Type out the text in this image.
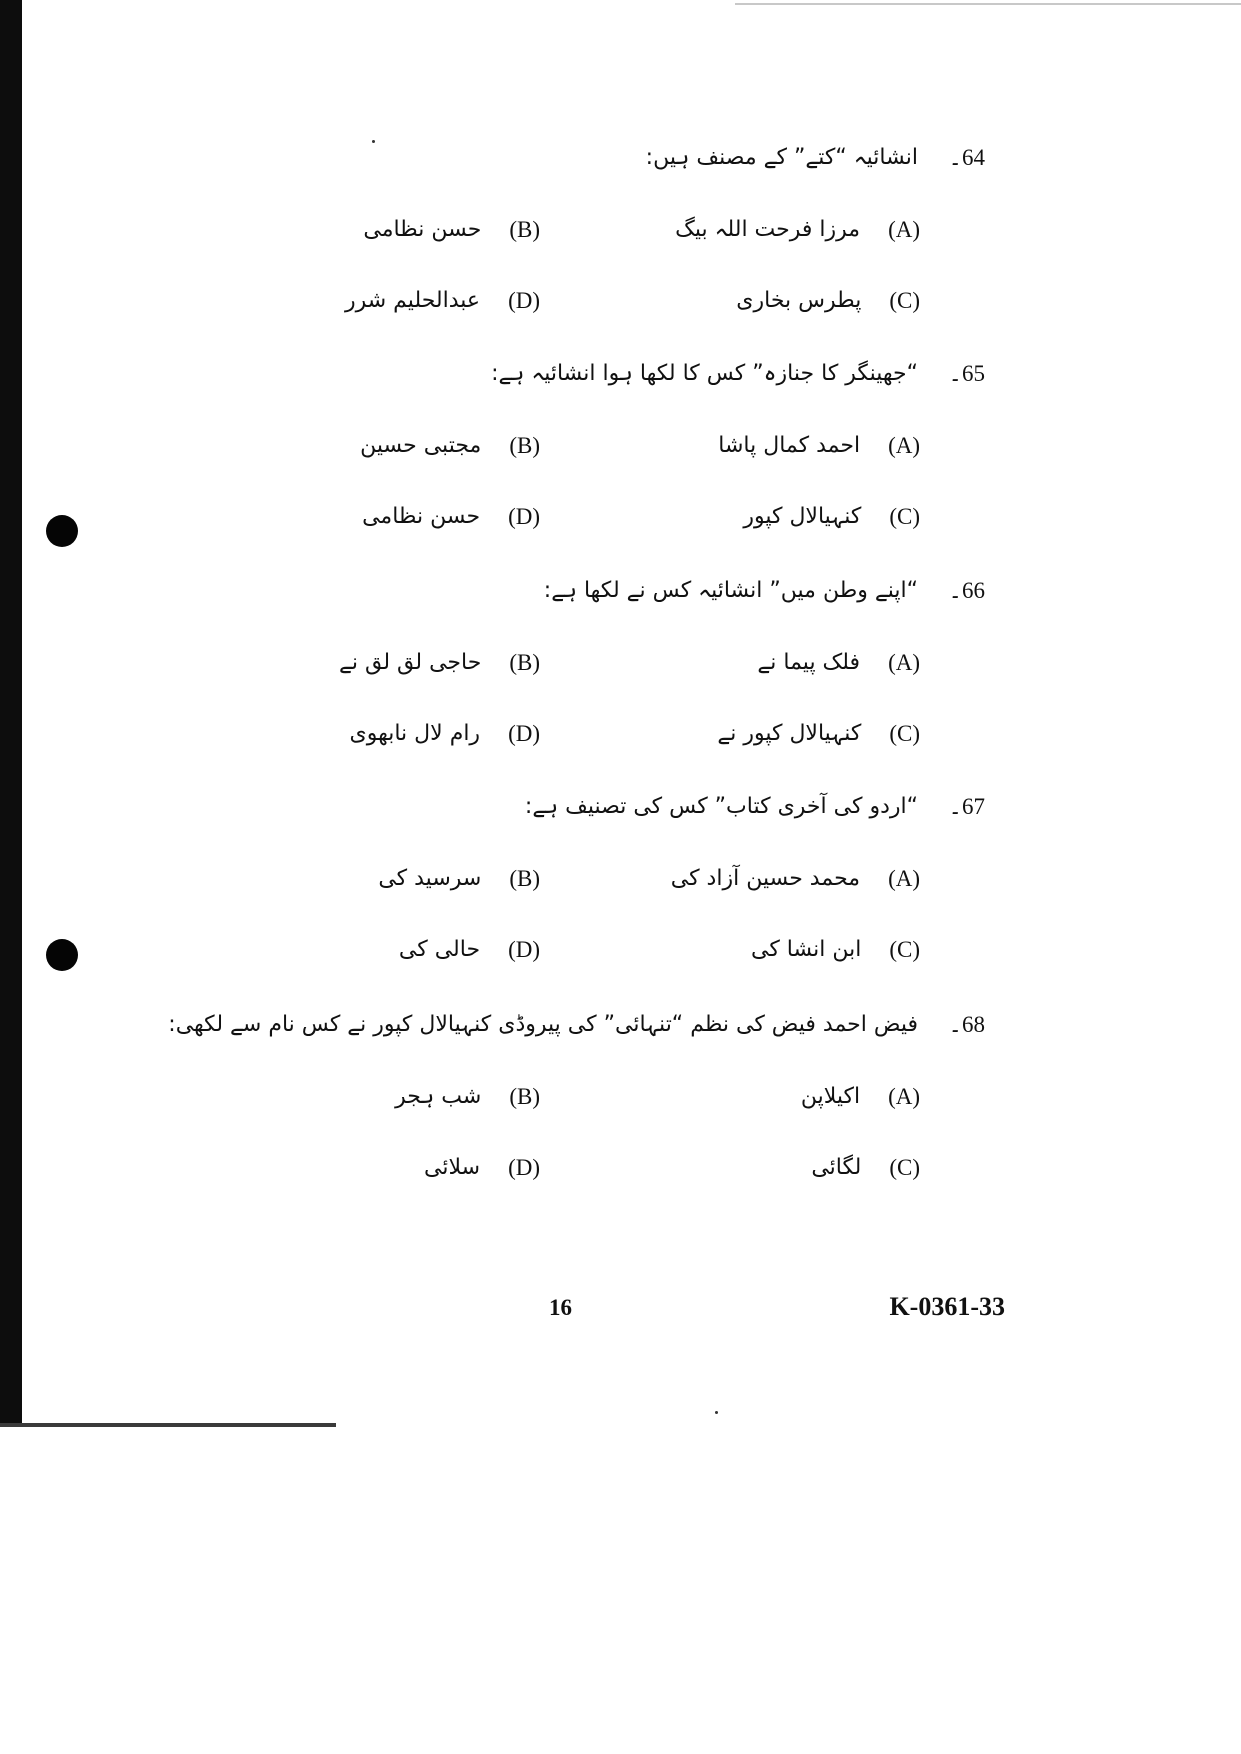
64۔
انشائیہ “کتے” کے مصنف ہیں:
(A)
مرزا فرحت اللہ بیگ
(B)
حسن نظامی
(C)
پطرس بخاری
(D)
عبدالحلیم شرر
65۔
“جھینگر کا جنازہ” کس کا لکھا ہوا انشائیہ ہے:
(A)
احمد کمال پاشا
(B)
مجتبی حسین
(C)
کنہیالال کپور
(D)
حسن نظامی
66۔
“اپنے وطن میں” انشائیہ کس نے لکھا ہے:
(A)
فلک پیما نے
(B)
حاجی لق لق نے
(C)
کنہیالال کپور نے
(D)
رام لال نابھوی
67۔
“اردو کی آخری کتاب” کس کی تصنیف ہے:
(A)
محمد حسین آزاد کی
(B)
سرسید کی
(C)
ابن انشا کی
(D)
حالی کی
68۔
فیض احمد فیض کی نظم “تنہائی” کی پیروڈی کنہیالال کپور نے کس نام سے لکھی:
(A)
اکیلاپن
(B)
شب ہجر
(C)
لگائی
(D)
سلائی
16	K-0361-33
